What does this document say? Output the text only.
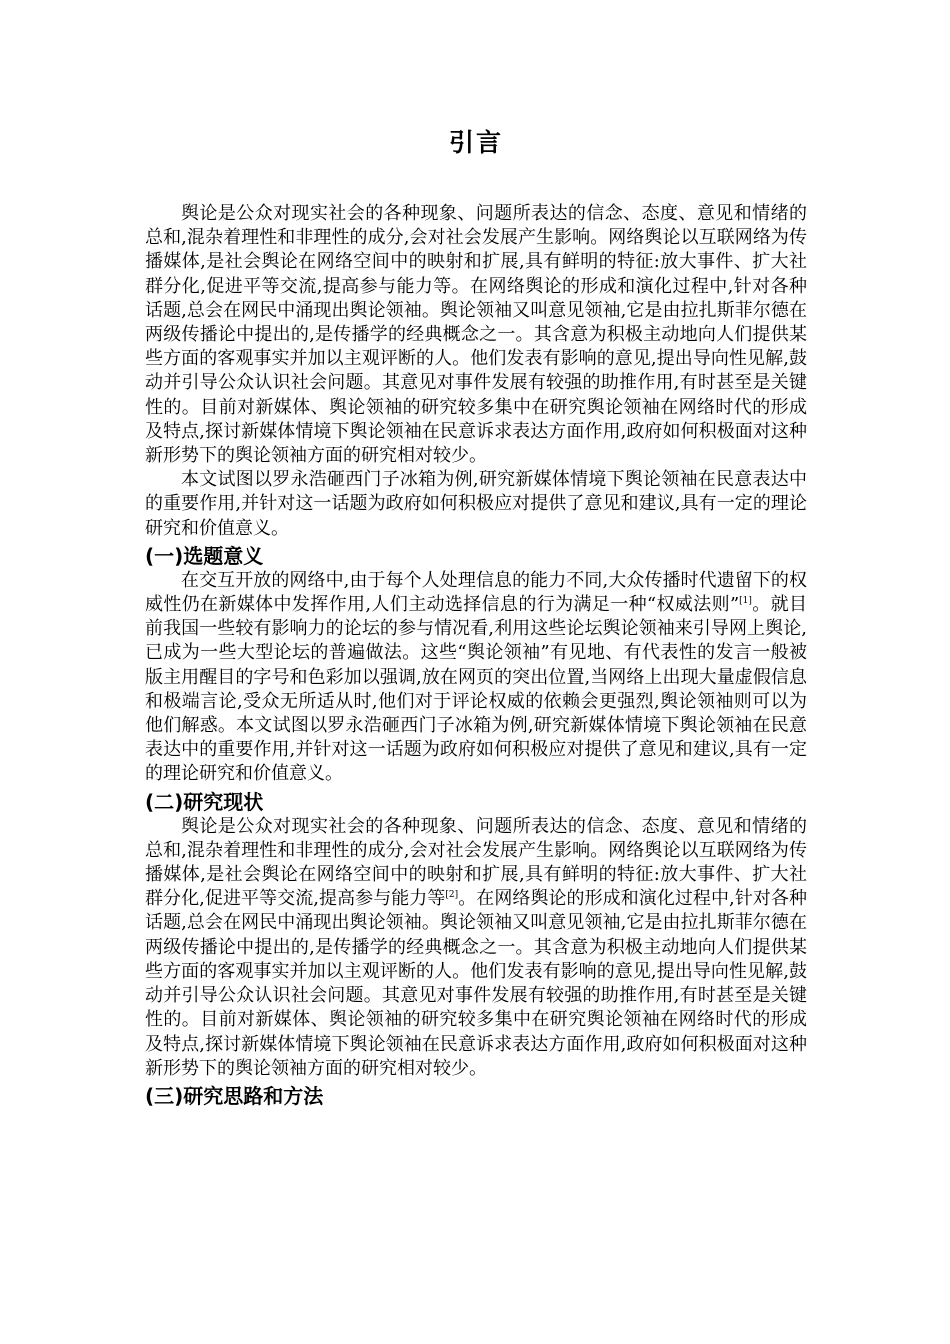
引言

舆论是公众对现实社会的各种现象、问题所表达的信念、态度、意见和情绪的总和,混杂着理性和非理性的成分,会对社会发展产生影响。网络舆论以互联网络为传播媒体,是社会舆论在网络空间中的映射和扩展,具有鲜明的特征:放大事件、扩大社群分化,促进平等交流,提高参与能力等。在网络舆论的形成和演化过程中,针对各种话题,总会在网民中涌现出舆论领袖。舆论领袖又叫意见领袖,它是由拉扎斯菲尔德在两级传播论中提出的,是传播学的经典概念之一。其含意为积极主动地向人们提供某些方面的客观事实并加以主观评断的人。他们发表有影响的意见,提出导向性见解,鼓动并引导公众认识社会问题。其意见对事件发展有较强的助推作用,有时甚至是关键性的。目前对新媒体、舆论领袖的研究较多集中在研究舆论领袖在网络时代的形成及特点,探讨新媒体情境下舆论领袖在民意诉求表达方面作用,政府如何积极面对这种新形势下的舆论领袖方面的研究相对较少。

本文试图以罗永浩砸西门子冰箱为例,研究新媒体情境下舆论领袖在民意表达中的重要作用,并针对这一话题为政府如何积极应对提供了意见和建议,具有一定的理论研究和价值意义。

(一)选题意义

在交互开放的网络中,由于每个人处理信息的能力不同,大众传播时代遗留下的权威性仍在新媒体中发挥作用,人们主动选择信息的行为满足一种“权威法则”[1]。就目前我国一些较有影响力的论坛的参与情况看,利用这些论坛舆论领袖来引导网上舆论,已成为一些大型论坛的普遍做法。这些“舆论领袖”有见地、有代表性的发言一般被版主用醒目的字号和色彩加以强调,放在网页的突出位置,当网络上出现大量虚假信息和极端言论,受众无所适从时,他们对于评论权威的依赖会更强烈,舆论领袖则可以为他们解惑。本文试图以罗永浩砸西门子冰箱为例,研究新媒体情境下舆论领袖在民意表达中的重要作用,并针对这一话题为政府如何积极应对提供了意见和建议,具有一定的理论研究和价值意义。

(二)研究现状

舆论是公众对现实社会的各种现象、问题所表达的信念、态度、意见和情绪的总和,混杂着理性和非理性的成分,会对社会发展产生影响。网络舆论以互联网络为传播媒体,是社会舆论在网络空间中的映射和扩展,具有鲜明的特征:放大事件、扩大社群分化,促进平等交流,提高参与能力等[2]。在网络舆论的形成和演化过程中,针对各种话题,总会在网民中涌现出舆论领袖。舆论领袖又叫意见领袖,它是由拉扎斯菲尔德在两级传播论中提出的,是传播学的经典概念之一。其含意为积极主动地向人们提供某些方面的客观事实并加以主观评断的人。他们发表有影响的意见,提出导向性见解,鼓动并引导公众认识社会问题。其意见对事件发展有较强的助推作用,有时甚至是关键性的。目前对新媒体、舆论领袖的研究较多集中在研究舆论领袖在网络时代的形成及特点,探讨新媒体情境下舆论领袖在民意诉求表达方面作用,政府如何积极面对这种新形势下的舆论领袖方面的研究相对较少。

(三)研究思路和方法
